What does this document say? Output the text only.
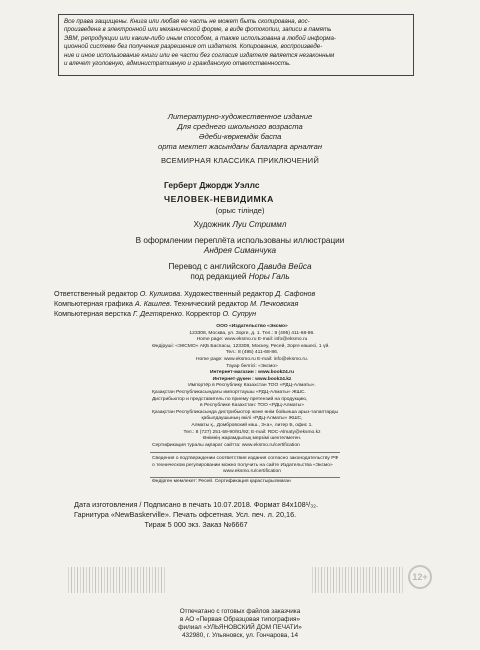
Все права защищены. Книга или любая ее часть не может быть скопирована, вос-
произведена в электронной или механической форме, в виде фотокопии, записи в память
ЭВМ, репродукции или каким-либо иным способом, а также использована в любой информа-
ционной системе без получения разрешения от издателя. Копирование, воспроизведе-
ние и иное использование книги или ее части без согласия издателя является незаконным
и влечет уголовную, административную и гражданскую ответственность.
Литературно-художественное издание
Для среднего школьного возраста
Әдеби-көркемдік баспа
орта мектеп жасындағы балаларға арналған
ВСЕМИРНАЯ КЛАССИКА ПРИКЛЮЧЕНИЙ
Герберт Джордж Уэллс
ЧЕЛОВЕК-НЕВИДИМКА
(орыс тілінде)
Художник Луи Стриммл
В оформлении переплёта использованы иллюстрации
Андрея Симанчука
Перевод с английского Давида Вейса
под редакцией Норы Галь
Ответственный редактор О. Куликова. Художественный редактор Д. Сафонов
Компьютерная графика А. Кашлев. Технический редактор М. Печковская
Компьютерная верстка Г. Дегтяренко. Корректор О. Супрун
ООО «Издательство «Эксмо»
123308, Москва, ул. Зорге, д. 1. Тел.: 8 (495) 411-68-86.
Home page: www.eksmo.ru E-mail: info@eksmo.ru
Өндіруші: «ЭКСМО» АҚБ Баспасы, 123308, Мәскеу, Ресей, Зорге көшесі, 1 үй.
Тел.: 8 (495) 411-68-86.
Home page: www.eksmo.ru E-mail: info@eksmo.ru.
Тауар белгісі: «Эксмо»
Интернет-магазин : www.book24.ru
Интернет-дүкен : www.book24.kz
Импортёр в Республику Казахстан ТОО «РДЦ-Алматы».
Қазақстан Республикасындағы импорттаушы «РДЦ-Алматы» ЖШС.
Дистрибьютор и представитель по приему претензий на продукцию,
в Республике Казахстан: ТОО «РДЦ-Алматы»
Қазақстан Республикасында дистрибьютор және өнім бойынша арыз-талаптарды
қабылдаушының өкілі «РДЦ-Алматы» ЖШС,
Алматы қ., Домбровский көш., 3«а», литер Б, офис 1.
Тел.: 8 (727) 251-59-90/91/92; E-mail: RDC-Almaty@eksmo.kz
Өнімнің жарамдылық мерзімі шектелмеген.
Сертификация туралы ақпарат сайтта: www.eksmo.ru/certification
Сведения о подтверждении соответствия издания согласно законодательству РФ
о техническом регулировании можно получить на сайте Издательства «Эксмо»
www.eksmo.ru/certification
Өндірген мемлекет: Ресей. Сертификация қарастырылмаған
Дата изготовления / Подписано в печать 10.07.2018. Формат 84x108¹/₃₂.
Гарнитура «NewBaskerville». Печать офсетная. Усл. печ. л. 20,16.
Тираж 5 000 экз. Заказ №6667
12+
Отпечатано с готовых файлов заказчика
в АО «Первая Образцовая типография»
филиал «УЛЬЯНОВСКИЙ ДОМ ПЕЧАТИ»
432980, г. Ульяновск, ул. Гончарова, 14
